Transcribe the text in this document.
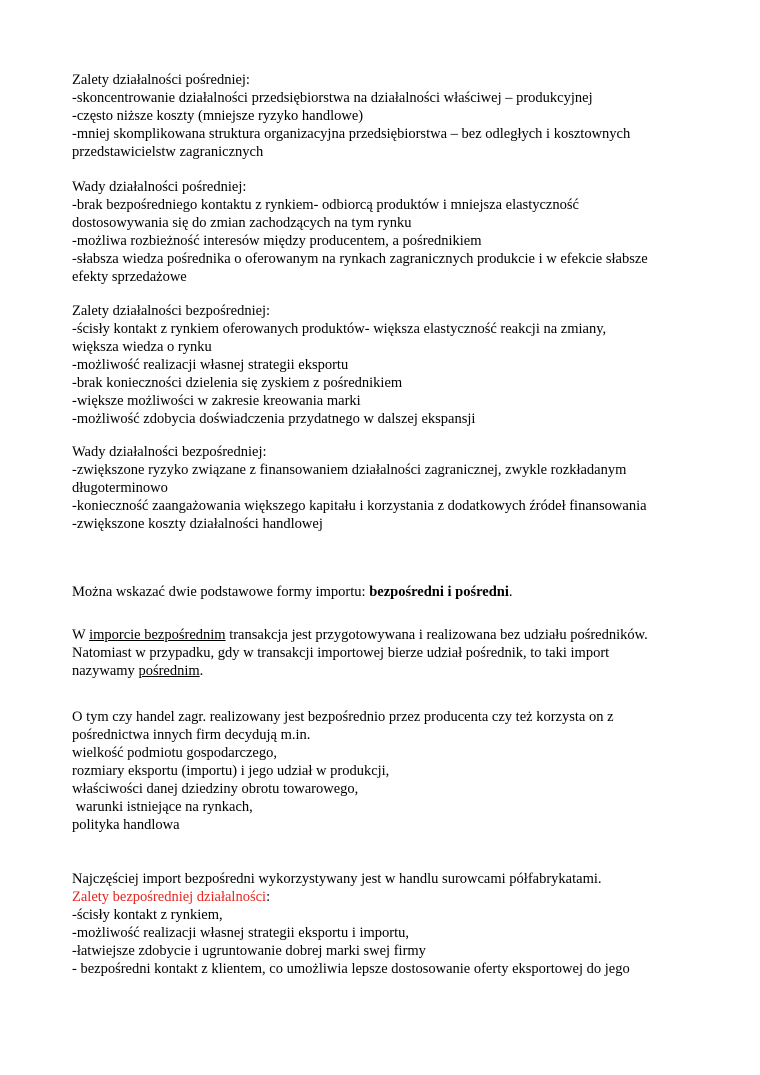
Zalety działalności pośredniej:
-skoncentrowanie działalności przedsiębiorstwa na działalności właściwej – produkcyjnej
-często niższe koszty (mniejsze ryzyko handlowe)
-mniej skomplikowana struktura organizacyjna przedsiębiorstwa – bez odległych i kosztownych
przedstawicielstw zagranicznych
Wady działalności pośredniej:
-brak bezpośredniego kontaktu z rynkiem- odbiorcą produktów i mniejsza elastyczność
dostosowywania się do zmian zachodzących na tym rynku
-możliwa rozbieżność interesów między producentem, a pośrednikiem
-słabsza wiedza pośrednika o oferowanym na rynkach zagranicznych produkcie i w efekcie słabsze
efekty sprzedażowe
Zalety działalności bezpośredniej:
-ścisły kontakt z rynkiem oferowanych produktów- większa elastyczność reakcji na zmiany,
większa wiedza o rynku
-możliwość realizacji własnej strategii eksportu
-brak konieczności dzielenia się zyskiem z pośrednikiem
-większe możliwości w zakresie kreowania marki
-możliwość zdobycia doświadczenia przydatnego w dalszej ekspansji
Wady działalności bezpośredniej:
-zwiększone ryzyko związane z finansowaniem działalności zagranicznej, zwykle rozkładanym
długoterminowo
-konieczność zaangażowania większego kapitału i korzystania z dodatkowych źródeł finansowania
-zwiększone koszty działalności handlowej
Można wskazać dwie podstawowe formy importu: bezpośredni i pośredni.
W imporcie bezpośrednim transakcja jest przygotowywana i realizowana bez udziału pośredników.
Natomiast w przypadku, gdy w transakcji importowej bierze udział pośrednik, to taki import
nazywamy pośrednim.
O tym czy handel zagr. realizowany jest bezpośrednio przez producenta czy też korzysta on z
pośrednictwa innych firm decydują m.in.
wielkość podmiotu gospodarczego,
rozmiary eksportu (importu) i jego udział w produkcji,
właściwości danej dziedziny obrotu towarowego,
warunki istniejące na rynkach,
polityka handlowa
Najczęściej import bezpośredni wykorzystywany jest w handlu surowcami półfabrykatami.
Zalety bezpośredniej działalności:
-ścisły kontakt z rynkiem,
-możliwość realizacji własnej strategii eksportu i importu,
-łatwiejsze zdobycie i ugruntowanie dobrej marki swej firmy
- bezpośredni kontakt z klientem, co umożliwia lepsze dostosowanie oferty eksportowej do jego
